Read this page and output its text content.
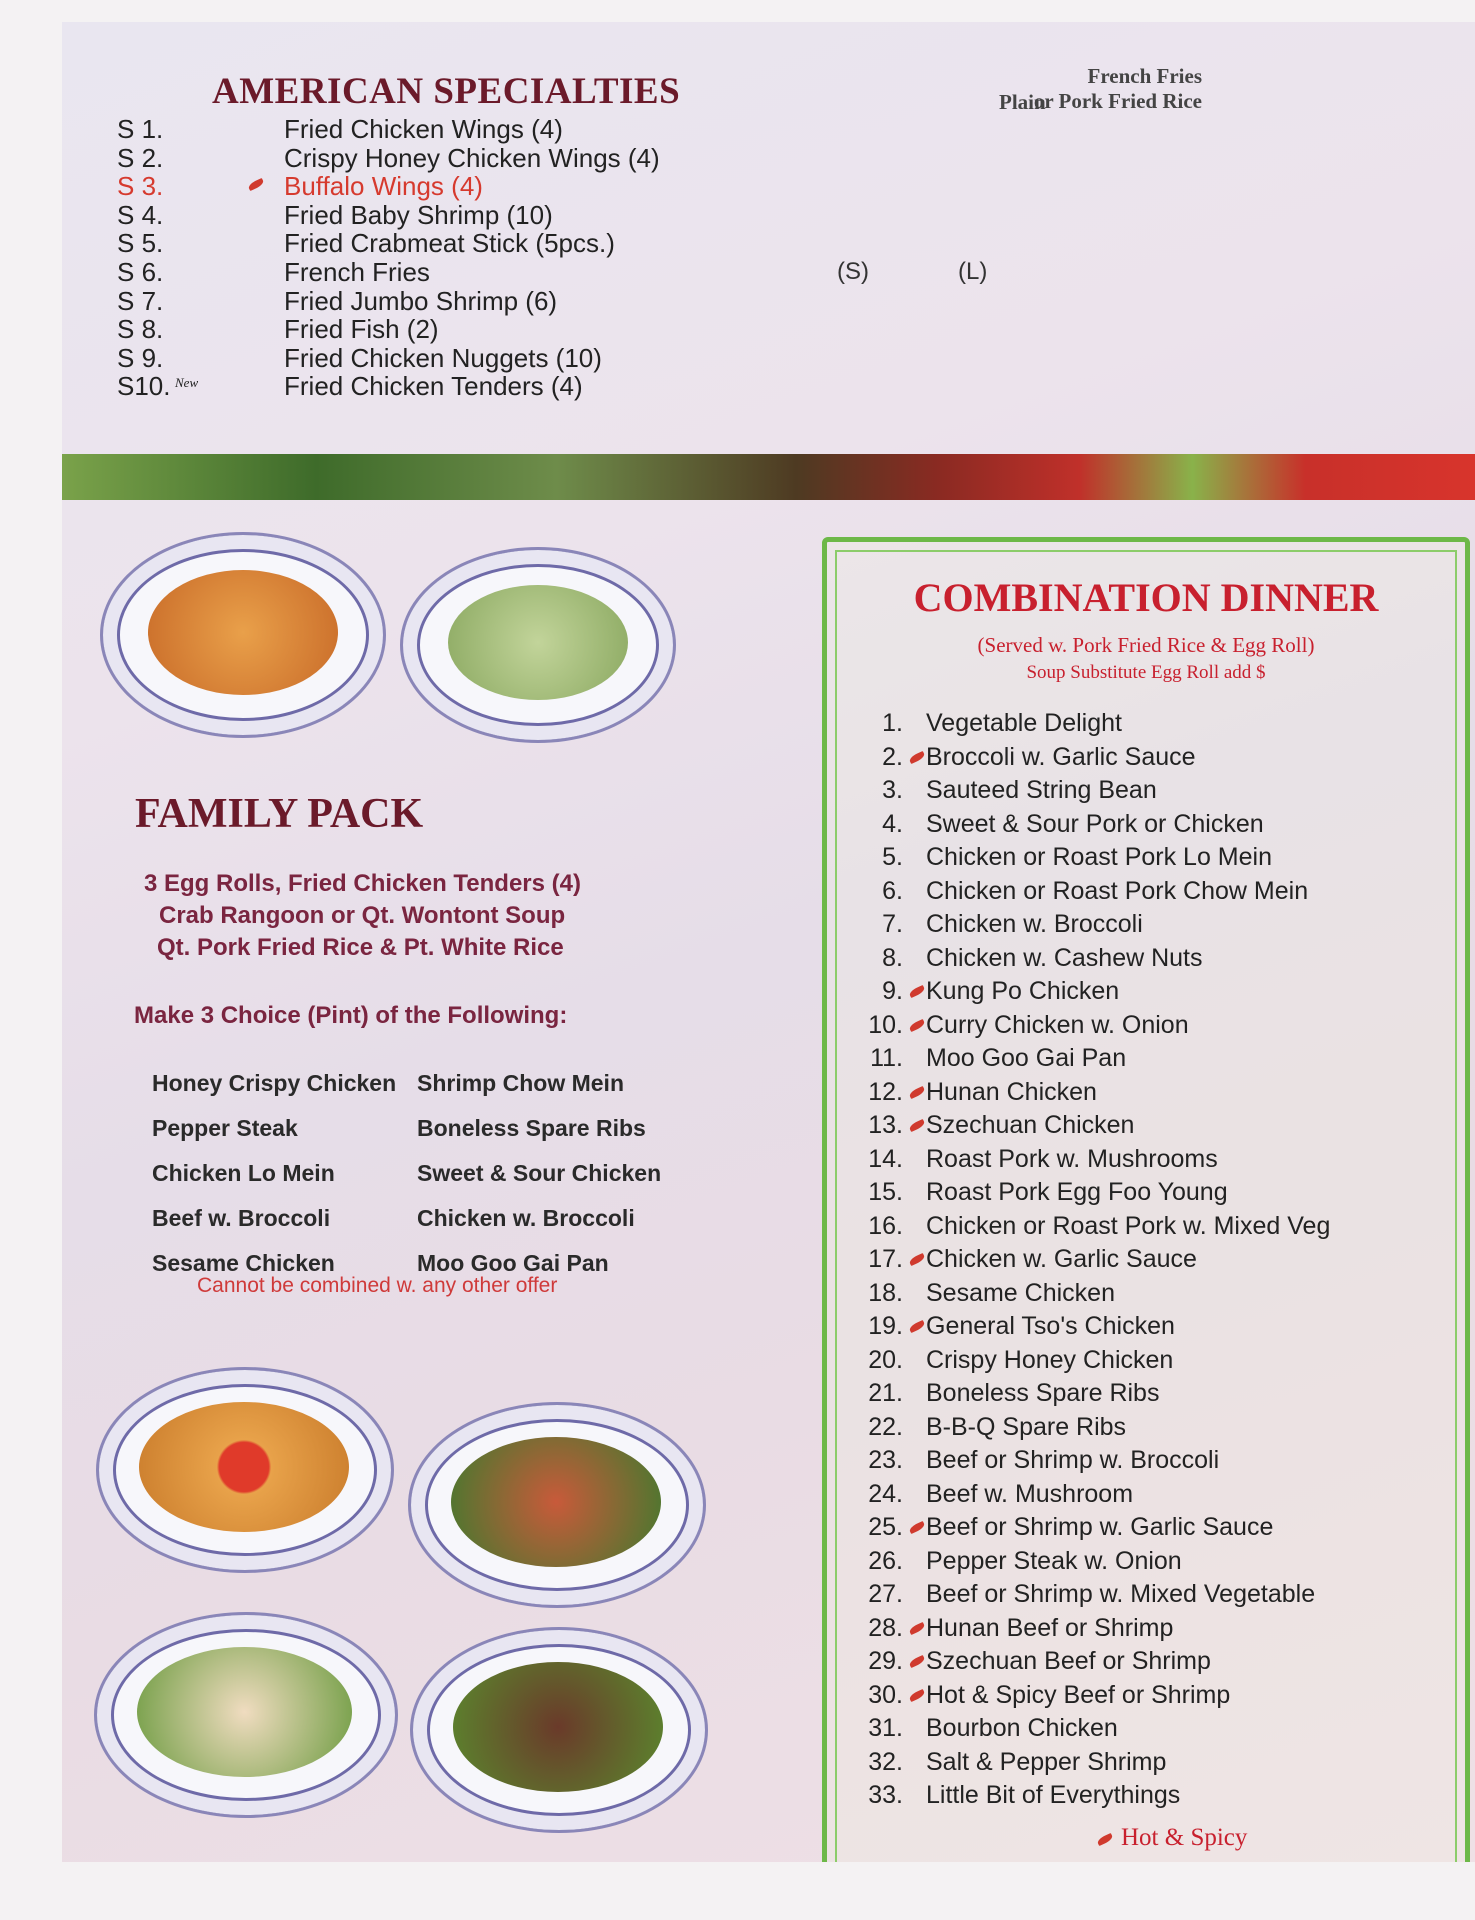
AMERICAN SPECIALTIES
S 1.	Fried Chicken Wings (4)
S 2.	Crispy Honey Chicken Wings (4)
S 3.	Buffalo Wings (4)
S 4.	Fried Baby Shrimp (10)
S 5.	Fried Crabmeat Stick (5pcs.)
S 6.	French Fries
S 7.	Fried Jumbo Shrimp (6)
S 8.	Fried Fish (2)
S 9.	Fried Chicken Nuggets (10)
S10. New	Fried Chicken Tenders (4)
Plain
French Fries
or Pork Fried Rice
(S)	(L)
FAMILY PACK
3 Egg Rolls, Fried Chicken Tenders (4)
Crab Rangoon or Qt. Wontont Soup
Qt. Pork Fried Rice & Pt. White Rice
Make 3 Choice (Pint) of the Following:
Honey Crispy Chicken
Pepper Steak
Chicken Lo Mein
Beef w. Broccoli
Sesame Chicken
Shrimp Chow Mein
Boneless Spare Ribs
Sweet & Sour Chicken
Chicken w. Broccoli
Moo Goo Gai Pan
Cannot be combined w. any other offer
COMBINATION DINNER
(Served w. Pork Fried Rice & Egg Roll)
Soup Substitute Egg Roll add $
1. Vegetable Delight
2. Broccoli w. Garlic Sauce
3. Sauteed String Bean
4. Sweet & Sour Pork or Chicken
5. Chicken or Roast Pork Lo Mein
6. Chicken or Roast Pork Chow Mein
7. Chicken w. Broccoli
8. Chicken w. Cashew Nuts
9. Kung Po Chicken
10. Curry Chicken w. Onion
11. Moo Goo Gai Pan
12. Hunan Chicken
13. Szechuan Chicken
14. Roast Pork w. Mushrooms
15. Roast Pork Egg Foo Young
16. Chicken or Roast Pork w. Mixed Veg
17. Chicken w. Garlic Sauce
18. Sesame Chicken
19. General Tso's Chicken
20. Crispy Honey Chicken
21. Boneless Spare Ribs
22. B-B-Q Spare Ribs
23. Beef or Shrimp w. Broccoli
24. Beef w. Mushroom
25. Beef or Shrimp w. Garlic Sauce
26. Pepper Steak w. Onion
27. Beef or Shrimp w. Mixed Vegetable
28. Hunan Beef or Shrimp
29. Szechuan Beef or Shrimp
30. Hot & Spicy Beef or Shrimp
31. Bourbon Chicken
32. Salt & Pepper Shrimp
33. Little Bit of Everythings
Hot & Spicy
